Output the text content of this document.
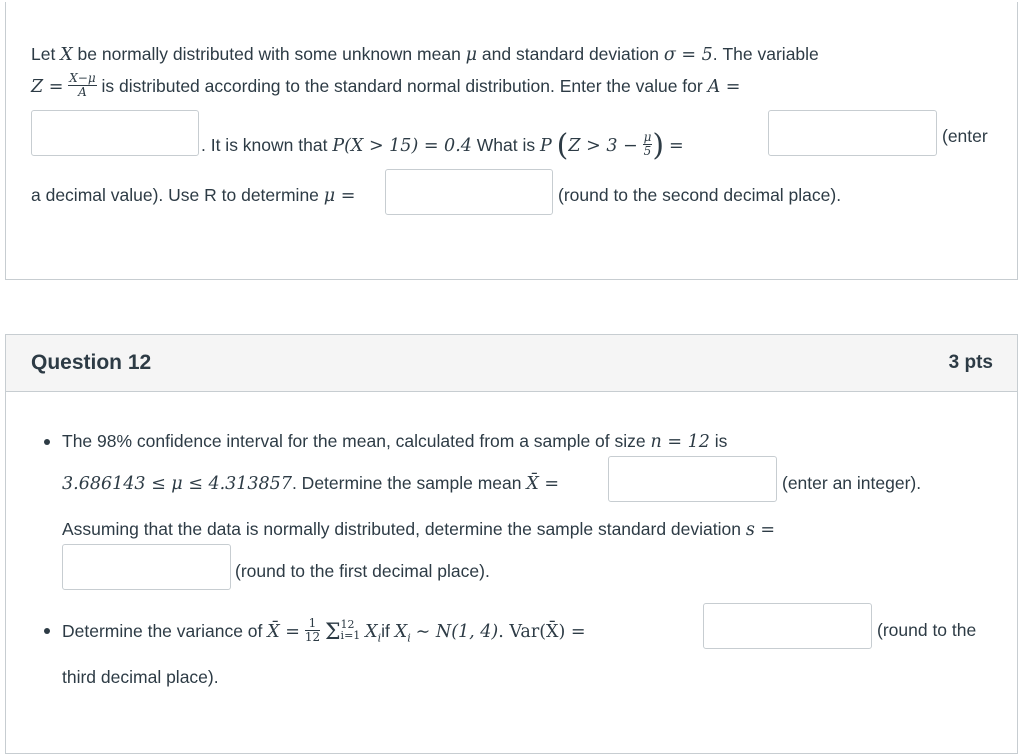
Let X be normally distributed with some unknown mean μ and standard deviation σ = 5. The variable
$Z = \frac{X-\mu}{A}$ is distributed according to the standard normal distribution. Enter the value for A =
. It is known that P(X > 15) = 0.4 What is P ($Z > 3 - \frac{\mu}{5}$ ) =	(enter
a decimal value). Use R to determine μ =	(round to the second decimal place).
Question 12	3 pts
The 98% confidence interval for the mean, calculated from a sample of size n = 12 is
3.686143 ≤ μ ≤ 4.313857. Determine the sample mean X̄ =	(enter an integer).
Assuming that the data is normally distributed, determine the sample standard deviation s =
(round to the first decimal place).
Determine the variance of X̄ = $\frac{1}{12}$ Σ 12
i=1 $X_iif$ $X_i$ ∼ N(1, 4). Var(X̄) =	(round to the
third decimal place).
